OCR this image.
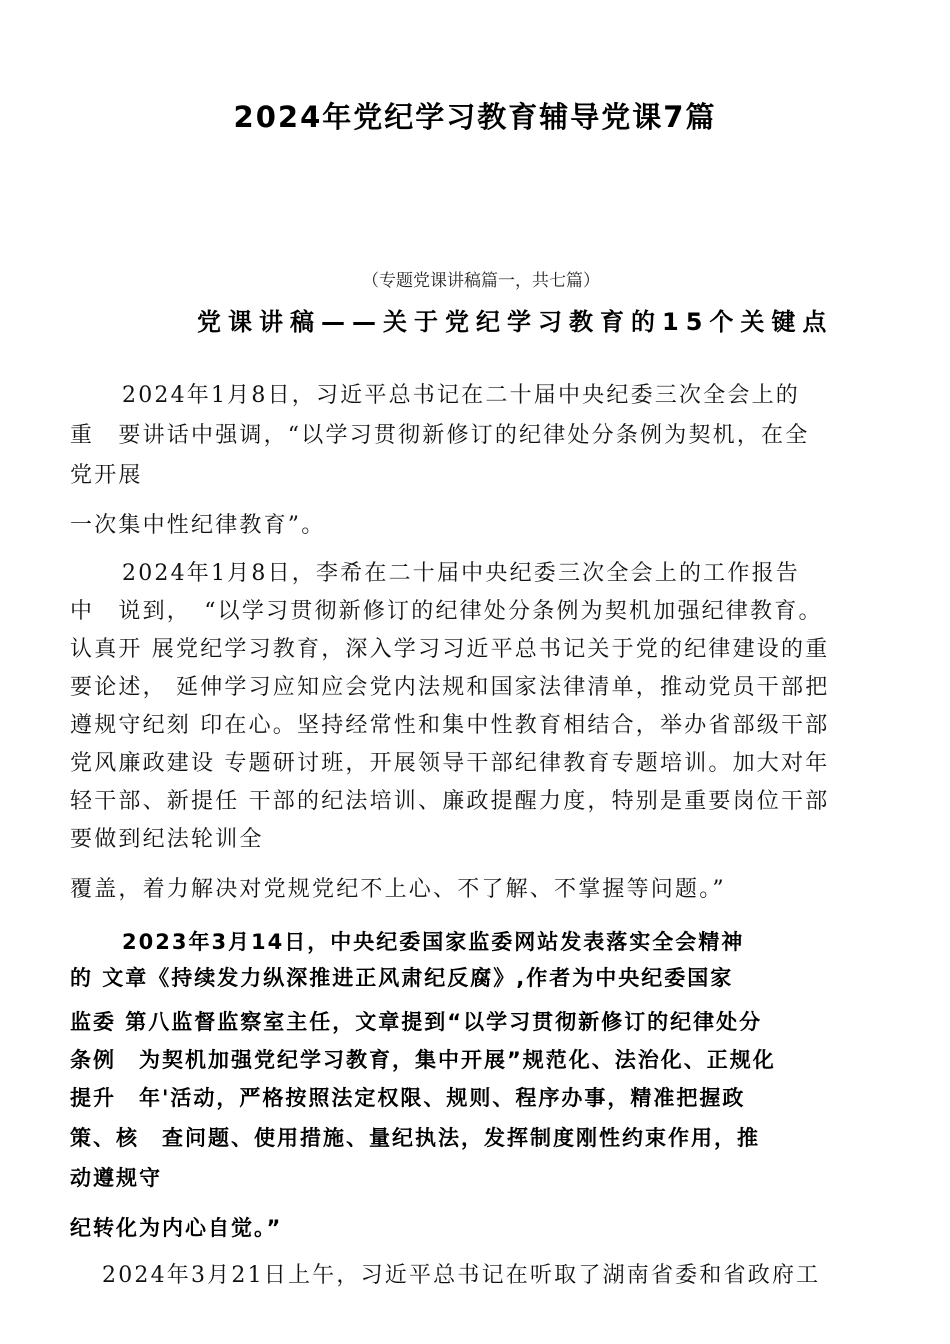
2024年党纪学习教育辅导党课7篇
（专题党课讲稿篇一，共七篇）
党课讲稿——关于党纪学习教育的15个关键点
2024年1月8日，习近平总书记在二十届中央纪委三次全会上的
重　要讲话中强调，“以学习贯彻新修订的纪律处分条例为契机，在全
党开展
一次集中性纪律教育”。
2024年1月8日，李希在二十届中央纪委三次全会上的工作报告
中　说到，　“以学习贯彻新修订的纪律处分条例为契机加强纪律教育。
认真开 展党纪学习教育，深入学习习近平总书记关于党的纪律建设的重
要论述， 延伸学习应知应会党内法规和国家法律清单，推动党员干部把
遵规守纪刻 印在心。坚持经常性和集中性教育相结合，举办省部级干部
党风廉政建设 专题研讨班，开展领导干部纪律教育专题培训。加大对年
轻干部、新提任 干部的纪法培训、廉政提醒力度，特别是重要岗位干部
要做到纪法轮训全
覆盖，着力解决对党规党纪不上心、不了解、不掌握等问题。”
2023年3月14日，中央纪委国家监委网站发表落实全会精神
的 文章《持续发力纵深推进正风肃纪反腐》,作者为中央纪委国家
监委 第八监督监察室主任，文章提到“以学习贯彻新修订的纪律处分
条例　为契机加强党纪学习教育，集中开展”规范化、法治化、正规化
提升　年'活动，严格按照法定权限、规则、程序办事，精准把握政
策、核　查问题、使用措施、量纪执法，发挥制度刚性约束作用，推
动遵规守
纪转化为内心自觉。”
2024年3月21日上午，习近平总书记在听取了湖南省委和省政府工
